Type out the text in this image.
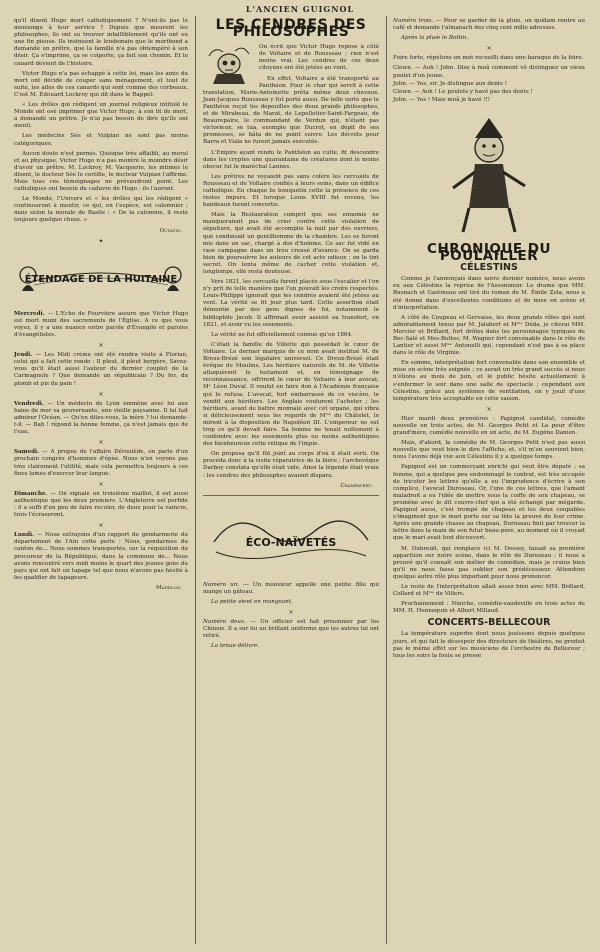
L'ANCIEN GUIGNOL

qu'il disent Hugo mort catholiquement ? N'ont-ils pas le mensonge à leur service ? Depuis que meurent les philosophes, ils ont su trouver infailliblement qu'ils ont eu une fin pieuse. Ils insinuent le lendemain que le moribond a demandé un prêtre, que la famille n'a pas obtempéré à son désir. Ça s'imprime, ça se colporte, ça fait son chemin. Et le canard devient de l'histoire.

Victor Hugo n'a pas échappé à cette loi, mais les amis du mort ont décidé de couper sans ménagement, et tout de suite, les ailes de ces canards qui sont comme des corbeaux. C'est M. Édouard Lockroy qui dit dans le Rappel:

« Les drôles qui rédigent un journal religieux intitulé le Monde ont osé imprimer que Victor Hugo, à son lit de mort, a demandé un prêtre. Je n'ai pas besoin de dire qu'ils ont menti.

Les médecins Sée et Vulpian ne sont pas moins catégoriques.

Aucun doute n'est permis. Quoique très affaibli, au moral et au physique, Victor Hugo n'a pas montré le moindre désir d'avoir un prêtre. M. Lockroy, M. Vacquerie, les intimes le disent, le docteur Sée le certifie, le docteur Vulpian l'affirme. Mais tous ces témoignages ne prévaudront point. Les catholiques ont besoin du cadavre de Hugo : ils l'auront.

Le Monde, l'Univers et « les drôles qui les rédigent » continueront à mentir, ce qui, en l'espèce, est calomnier ; mais selon la morale de Basile : « De la calomnie, il reste toujours quelque chose. »

Octavio.
✦
ÉTENDAGE DE LA HUITAINE

Mercredi. — L'Echo de Fourvière assure que Victor Hugo est mort muni des sacrements de l'Église. A ce que vous voyez, il y a une nuance entre parole d'Évangile et paroles d'évangélistes.

×

Jeudi. — Les Midi crème ont été rendra visite à Florian, celui qui a fait cette rondo : Il pleut, il pleut bergère, Savez-vous qu'il était aussi l'auteur du dernier couplet de la Carmagnole ? Que demande un républicain ? Du fer, du plomb et pis du pain !

×

Vendredi. — Un médecin de Lyon emmène avec lui aux bains de mer sa gouvernante, une vieille paysanne. Il lui fait admirer l'Océan. — Qu'en dites-vous, la mère ? lui demande-t-il. — Bah ! répond la bonne femme, ça n'est jamais que de l'eau.

×

Samedi. — A propos de l'affaire Déroulède, on parle d'un prochain congrès d'hommes d'épée. Nous n'en voyons pas très clairement l'utilité, mais cela permettra toujours à ces fines lames d'exercer leur langue.

×

Dimanche. — On signale un troisième maillot, il est aussi authentique que les deux premiers. L'Angleterre est perfide : il a suffi d'un peu de faire reculer, de deux pour la vaincre, trois l'écraseront.

×

Lundi. — Nous extrayons d'un rapport de gendarmerie du département de l'Ain cette perle : Nous, gendarmes du canton de... Nous sommes transportés, sur la réquisition du procureur de la République, dans la commune de... Nous avons rencontré vers midi moins le quart des jeunes gens du pays qui ont fait un tapage tel que nous n'avons pas hésité à les qualifier de tapageurs.

Madelon.
LES CENDRES DES PHILOSOPHES

On écrit que Victor Hugo repose à côté de Voltaire et de Rousseau ; rien n'est moins vrai. Les cendres de ces deux citoyens ont été jetées au vent.

En effet, Voltaire a été transporté au Panthéon. Pour le char qui servit à cette translation, Marie-Antoinette prêta même deux chevaux. Jean-Jacques Rousseau y fut porté aussi. De telle sorte que le Panthéon reçut les dépouilles des deux grands philosophes, et de Mirabeau, de Marat, de Lepelletier-Saint-Fargeau, de Beaurepaire, le commandant de Verdun qui, n'étant pas victorieux, se tua, exemple que Ducrot, en dépit de ses promesses, se hâta de ne point suivre. Les décrets pour Barra et Viala ne furent jamais exécutés.

L'Empire ayant rendu le Panthéon au culte, fit descendre dans les cryptes une quarantaine de créatures dont le moins obscur fut le maréchal Lannes.

Les prêtres ne voyaient pas sans colère les cercueils de Rousseau et de Voltaire confiés à leurs soins, dans un édifice catholique. En chaque lis bouquetin cette la présence de ces restes impurs. Et lorsque Louis XVIII fut revenu, les bandeaux furent convertis.

Mais la Restauration comprit que ses ennemis ne manqueraient pas de crier contre cette violation de sépulture, qui avait été accomplie la nuit par des ouvriers, que conduisait un gentilhomme de la chambre. Les os furent mis dans un sac, chargé à dos d'homme. Ce sac fut vidé en rase campagne dans un trou creusé d'avance. On se garda bien de poursuivre les auteurs de cet acte odieux ; on le tint secret. On tenta même de cacher cette violation et, longtemps, elle resta douteuse.

Vers 1821, les cercueils furent placés sous l'escalier et l'on n'y prit de telle manière que l'on pouvait les croire respectés. Louis-Philippe ignorait que les cendres avaient été jetées au vent. La vérité se fit jour plus tard. Cette assertion était démentie par des gens dignes de foi, notamment le bibliophile Jacob. Il affirmait avoir assisté au transfert, en 1821, et avoir vu les ossements.

La vérité ne fut officiellement connue qu'en 1864.

C'était la famille de Villette qui possédait le cœur de Voltaire. Le dernier marquis de ce nom avait institué M. de Breux-Brézé son légataire universel. Ce Dreux-Brézé était évêque de Moulins. Les héritiers naturels de M. de Villette attaquèrent le testament et, en témoignage de reconnaissance, offrirent le cœur de Voltaire à leur avocat, Mᵉ Léon Duval. Il voulut en faire don à l'Académie française qui le refusa. L'avocat, fort embarrassé de ce viscère, le vendit aux héritiers. Les Anglais voulurent l'acheter ; les héritiers, avant de battre monnaie avec cet organe, qui vibra si délicieusement sous les regards de Mᵐᵉ du Châtelet, le mirent à la disposition de Napoléon III. L'empereur ne sut trop ce qu'il devait faire. Sa femme ne tenait nullement à confondre avec les ossements plus ou moins authentiques des bienheureux cette relique de l'impie.

On proposa qu'il fût joint au corps d'où il était sorti. On procéda donc à la visite réparatrice de la bière ; l'archevêque Darboy constata qu'elle était vide. Ainsi la légende était vraie : les cendres des philosophes avaient disparu.

Crampavert.
ÉCO-NAÏVETÉS

Numéro un. — Un monsieur appelle une petite fille qui mange un gâteau.

La petite vient en mangeant.

×

Numéro deux. — Un officier est fait prisonnier par les Chinois. Il a sur lui un brillant uniforme que les autres lui ont retiré.

La tenue délivre.

Numéro trois. — Pour se garder de la pluie, un quidam rentre au café et demande l'almanach des cinq cent mille adresses.

Après la pluie le Bottin.

×

Foire forte, répétons un mot recueilli dans une baraque de la foire.

Clown. — Aoh ! John. Dise à moâ comment vô distinguez un vieux poulet d'un jeune.

John. — Yes, sir. Je distingue aux dents !

Clown. — Aoh ! Le poulets y havé pas des dents !

John. — Yes ! Mais moâ je havé !!!

CHRONIQUE DU POULAILLER
CÉLESTINS

Comme je l'annonçais dans notre dernier numéro, nous avons eu aux Célestins la reprise de l'Assommoir. Le drame que MM. Busnach et Gastineau ont tiré du roman de M. Émile Zola, nous a été donné dans d'excellentes conditions et de mise en scène et d'interprétation.

A côté de Coupeau et Gervaise, les deux grands rôles qui sont admirablement tenus par M. Jalabert et Mᵐᵉ Déda, je citerai MM. Mercier et Brillard, fort drôles dans les personnages typiques de Bec-Salé et Mes-Bottes, M. Wagner fort convenable dans le rôle de Lantier et aussi Mᵐᵉ Antonelli qui, cependant n'est pas à sa place dans le rôle de Virginie.

En somme, interprétation fort convenable dans son ensemble et mise en scène très soignée ; ce serait un très grand succès si nous n'étions au mois de juin, et le public hésite actuellement à s'enfermer le soir dans une salle de spectacle ; cependant aux Célestins, grâce aux systèmes de ventilation, on y jouit d'une température très acceptable en cette saison.

×

Hier mardi deux premières : Papignol candidat, comédie nouvelle en trois actes, de M. Georges Petit et La peur d'être grand'mère, comédie nouvelle en un acte, de M. Eugène Danien.

Mais, d'abord, la comédie de M. Georges Petit n'est pas aussi nouvelle que veut bien le dire l'affiche, et, s'il m'en souvient bien, nous l'avons déjà vue aux Célestins il y a quelque temps.

Papignol est un commerçant enrichi qui veut être député ; sa femme, qui a quelque peu endommagé le contrat, est très occupée de tricoter les lettres qu'elle a eu l'imprudence d'écrire à son complice, l'avocat Duroseau. Or, l'une de ces lettres, que l'amant maladroit a eu l'idée de mettre sous la coiffe de son chapeau, se promène avec le dit couvre-chef qui a été échangé par mégarde. Papignol aussi, c'est trompé de chapeau et les deux coupables s'imaginent que le mari porte sur sa tête la preuve de leur crime. Après une grande chasse au chapeau, Duroseau finit par trouver la lettre dans la main de son futur beau-père, au moment où il croyait que le mari avait tout découvert.

M. Dubreuil, qui remplace ici M. Dessey, faisait sa première apparition sur notre scène, dans le rôle de Duroseau ; il nous a prouvé qu'il connaît son métier de comédien, mais je crains bien qu'il ne nous fasse pas oublier son prédécesseur. Attendons quelque autre rôle plus important pour nous prononcer.

Le reste de l'interprétation allait assez bien avec MM. Brillard, Collard et Mᵐᵉ de Villers.

Prochainement : Niniche, comédie-vaudeville en trois actes de MM. H. Hennequin et Albert Millaud.

CONCERTS-BELLECOUR

La température superbe dont nous jouissons depuis quelques jours, et qui fait le désespoir des directeurs de théâtres, ne produit pas le même effet sur les musiciens de l'orchestre de Bellecour ; tous les soirs la foule se presse
